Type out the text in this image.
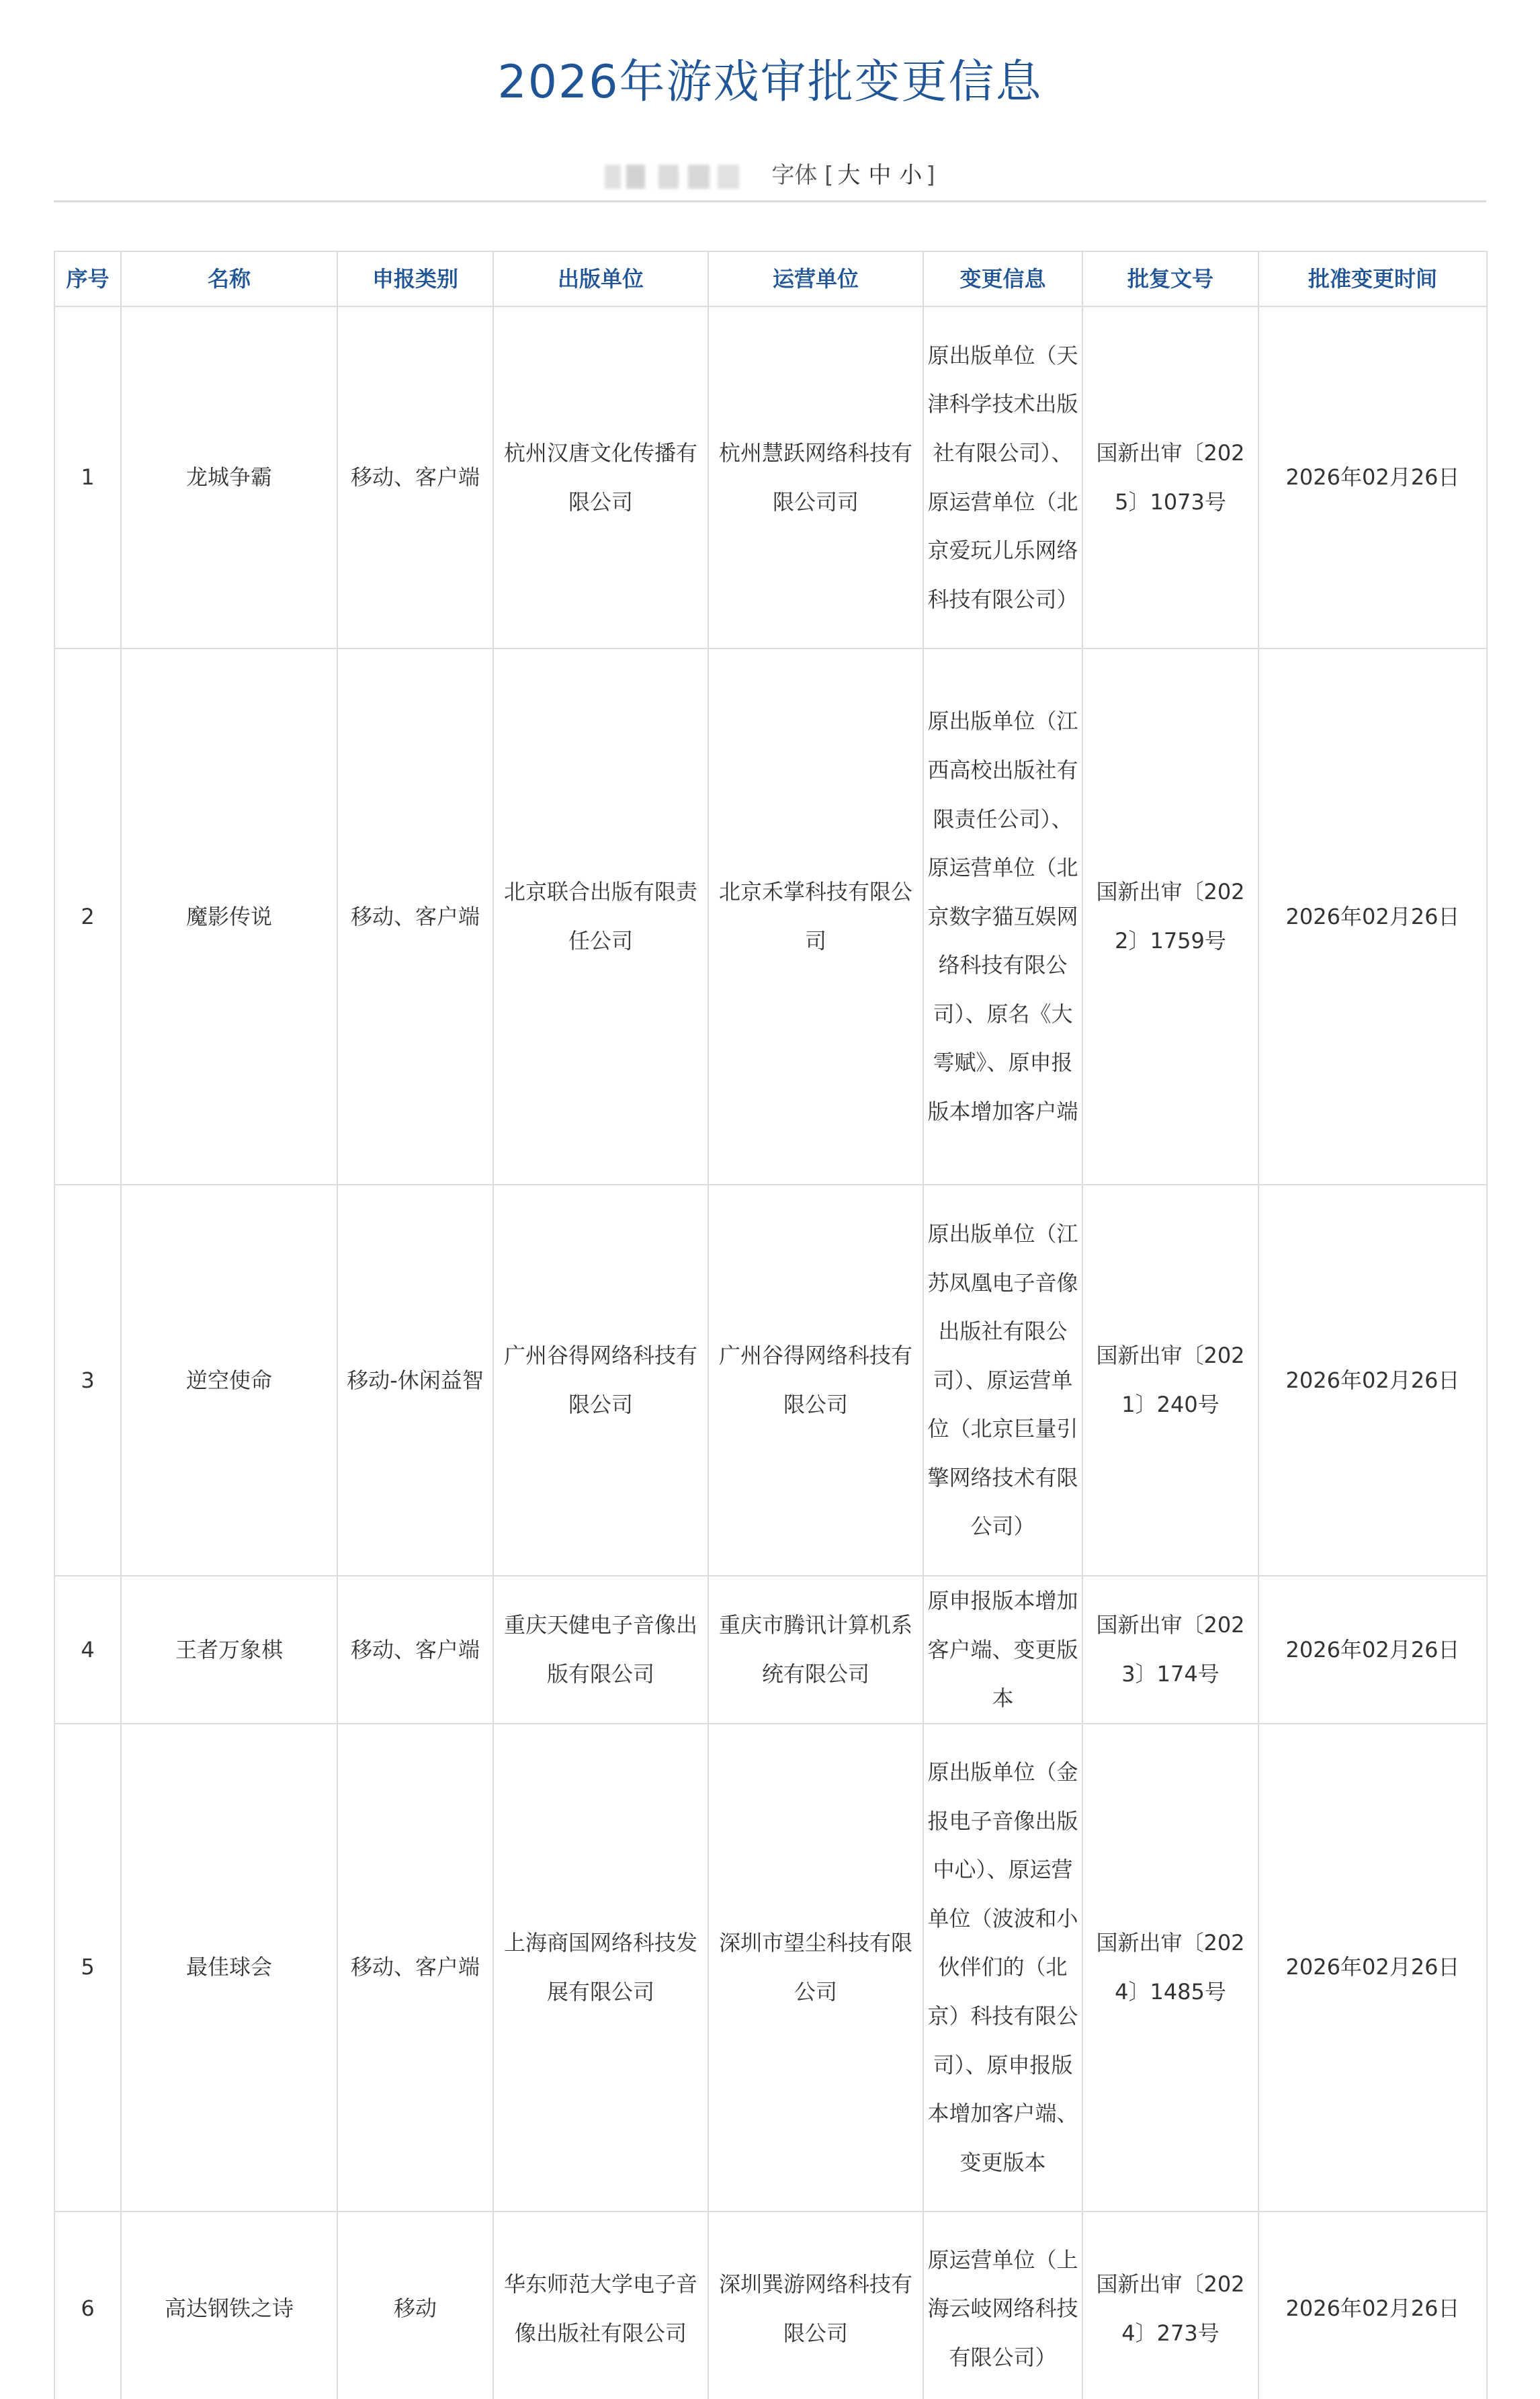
2026年游戏审批变更信息
字体 [ 大 中 小 ]
序号	名称	申报类别	出版单位	运营单位	变更信息	批复文号	批准变更时间
1	龙城争霸	移动、客户端	杭州汉唐文化传播有限公司	杭州慧跃网络科技有限公司司	原出版单位（天津科学技术出版社有限公司）、原运营单位（北京爱玩儿乐网络科技有限公司）	国新出审〔2025〕1073号	2026年02月26日
2	魔影传说	移动、客户端	北京联合出版有限责任公司	北京禾掌科技有限公司	原出版单位（江西高校出版社有限责任公司）、原运营单位（北京数字猫互娱网络科技有限公司）、原名《大雩赋》、原申报版本增加客户端	国新出审〔2022〕1759号	2026年02月26日
3	逆空使命	移动-休闲益智	广州谷得网络科技有限公司	广州谷得网络科技有限公司	原出版单位（江苏凤凰电子音像出版社有限公司）、原运营单位（北京巨量引擎网络技术有限公司）	国新出审〔2021〕240号	2026年02月26日
4	王者万象棋	移动、客户端	重庆天健电子音像出版有限公司	重庆市腾讯计算机系统有限公司	原申报版本增加客户端、变更版本	国新出审〔2023〕174号	2026年02月26日
5	最佳球会	移动、客户端	上海商国网络科技发展有限公司	深圳市望尘科技有限公司	原出版单位（金报电子音像出版中心）、原运营单位（波波和小伙伴们的（北京）科技有限公司）、原申报版本增加客户端、变更版本	国新出审〔2024〕1485号	2026年02月26日
6	高达钢铁之诗	移动	华东师范大学电子音像出版社有限公司	深圳巽游网络科技有限公司	原运营单位（上海云岐网络科技有限公司）	国新出审〔2024〕273号	2026年02月26日
